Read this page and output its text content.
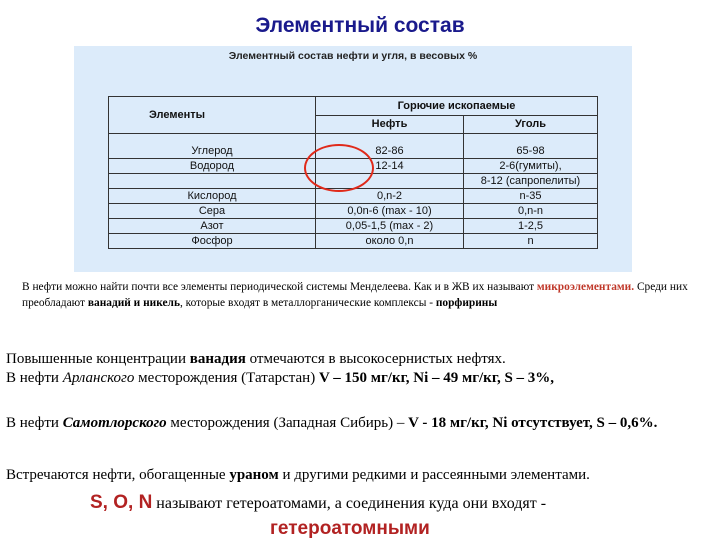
Элементный состав
Элементный состав нефти и угля, в весовых %
Элементы	Горючие ископаемые	
	Нефть	Уголь
Углерод	82-86	65-98
Водород	12-14	2-6(гумиты),
		8-12 (сапропелиты)
Кислород	0,n-2	n-35
Сера	0,0n-6 (max - 10)	0,n-n
Азот	0,05-1,5 (max - 2)	1-2,5
Фосфор	около 0,n	n
В нефти можно найти почти все элементы периодической системы Менделеева. Как и в ЖВ их называют микроэлементами. Среди них преобладают ванадий и никель, которые входят в металлорганические комплексы - порфирины
Повышенные концентрации ванадия отмечаются в высокосернистых нефтях.
В нефти Арланского месторождения (Татарстан) V – 150 мг/кг, Ni – 49 мг/кг, S – 3%,
В нефти Самотлорского месторождения (Западная Сибирь) – V - 18 мг/кг, Ni отсутствует, S – 0,6%.
Встречаются нефти, обогащенные ураном и другими редкими и рассеянными элементами.
S, O, N называют гетероатомами, а соединения куда они входят -
гетероатомными
